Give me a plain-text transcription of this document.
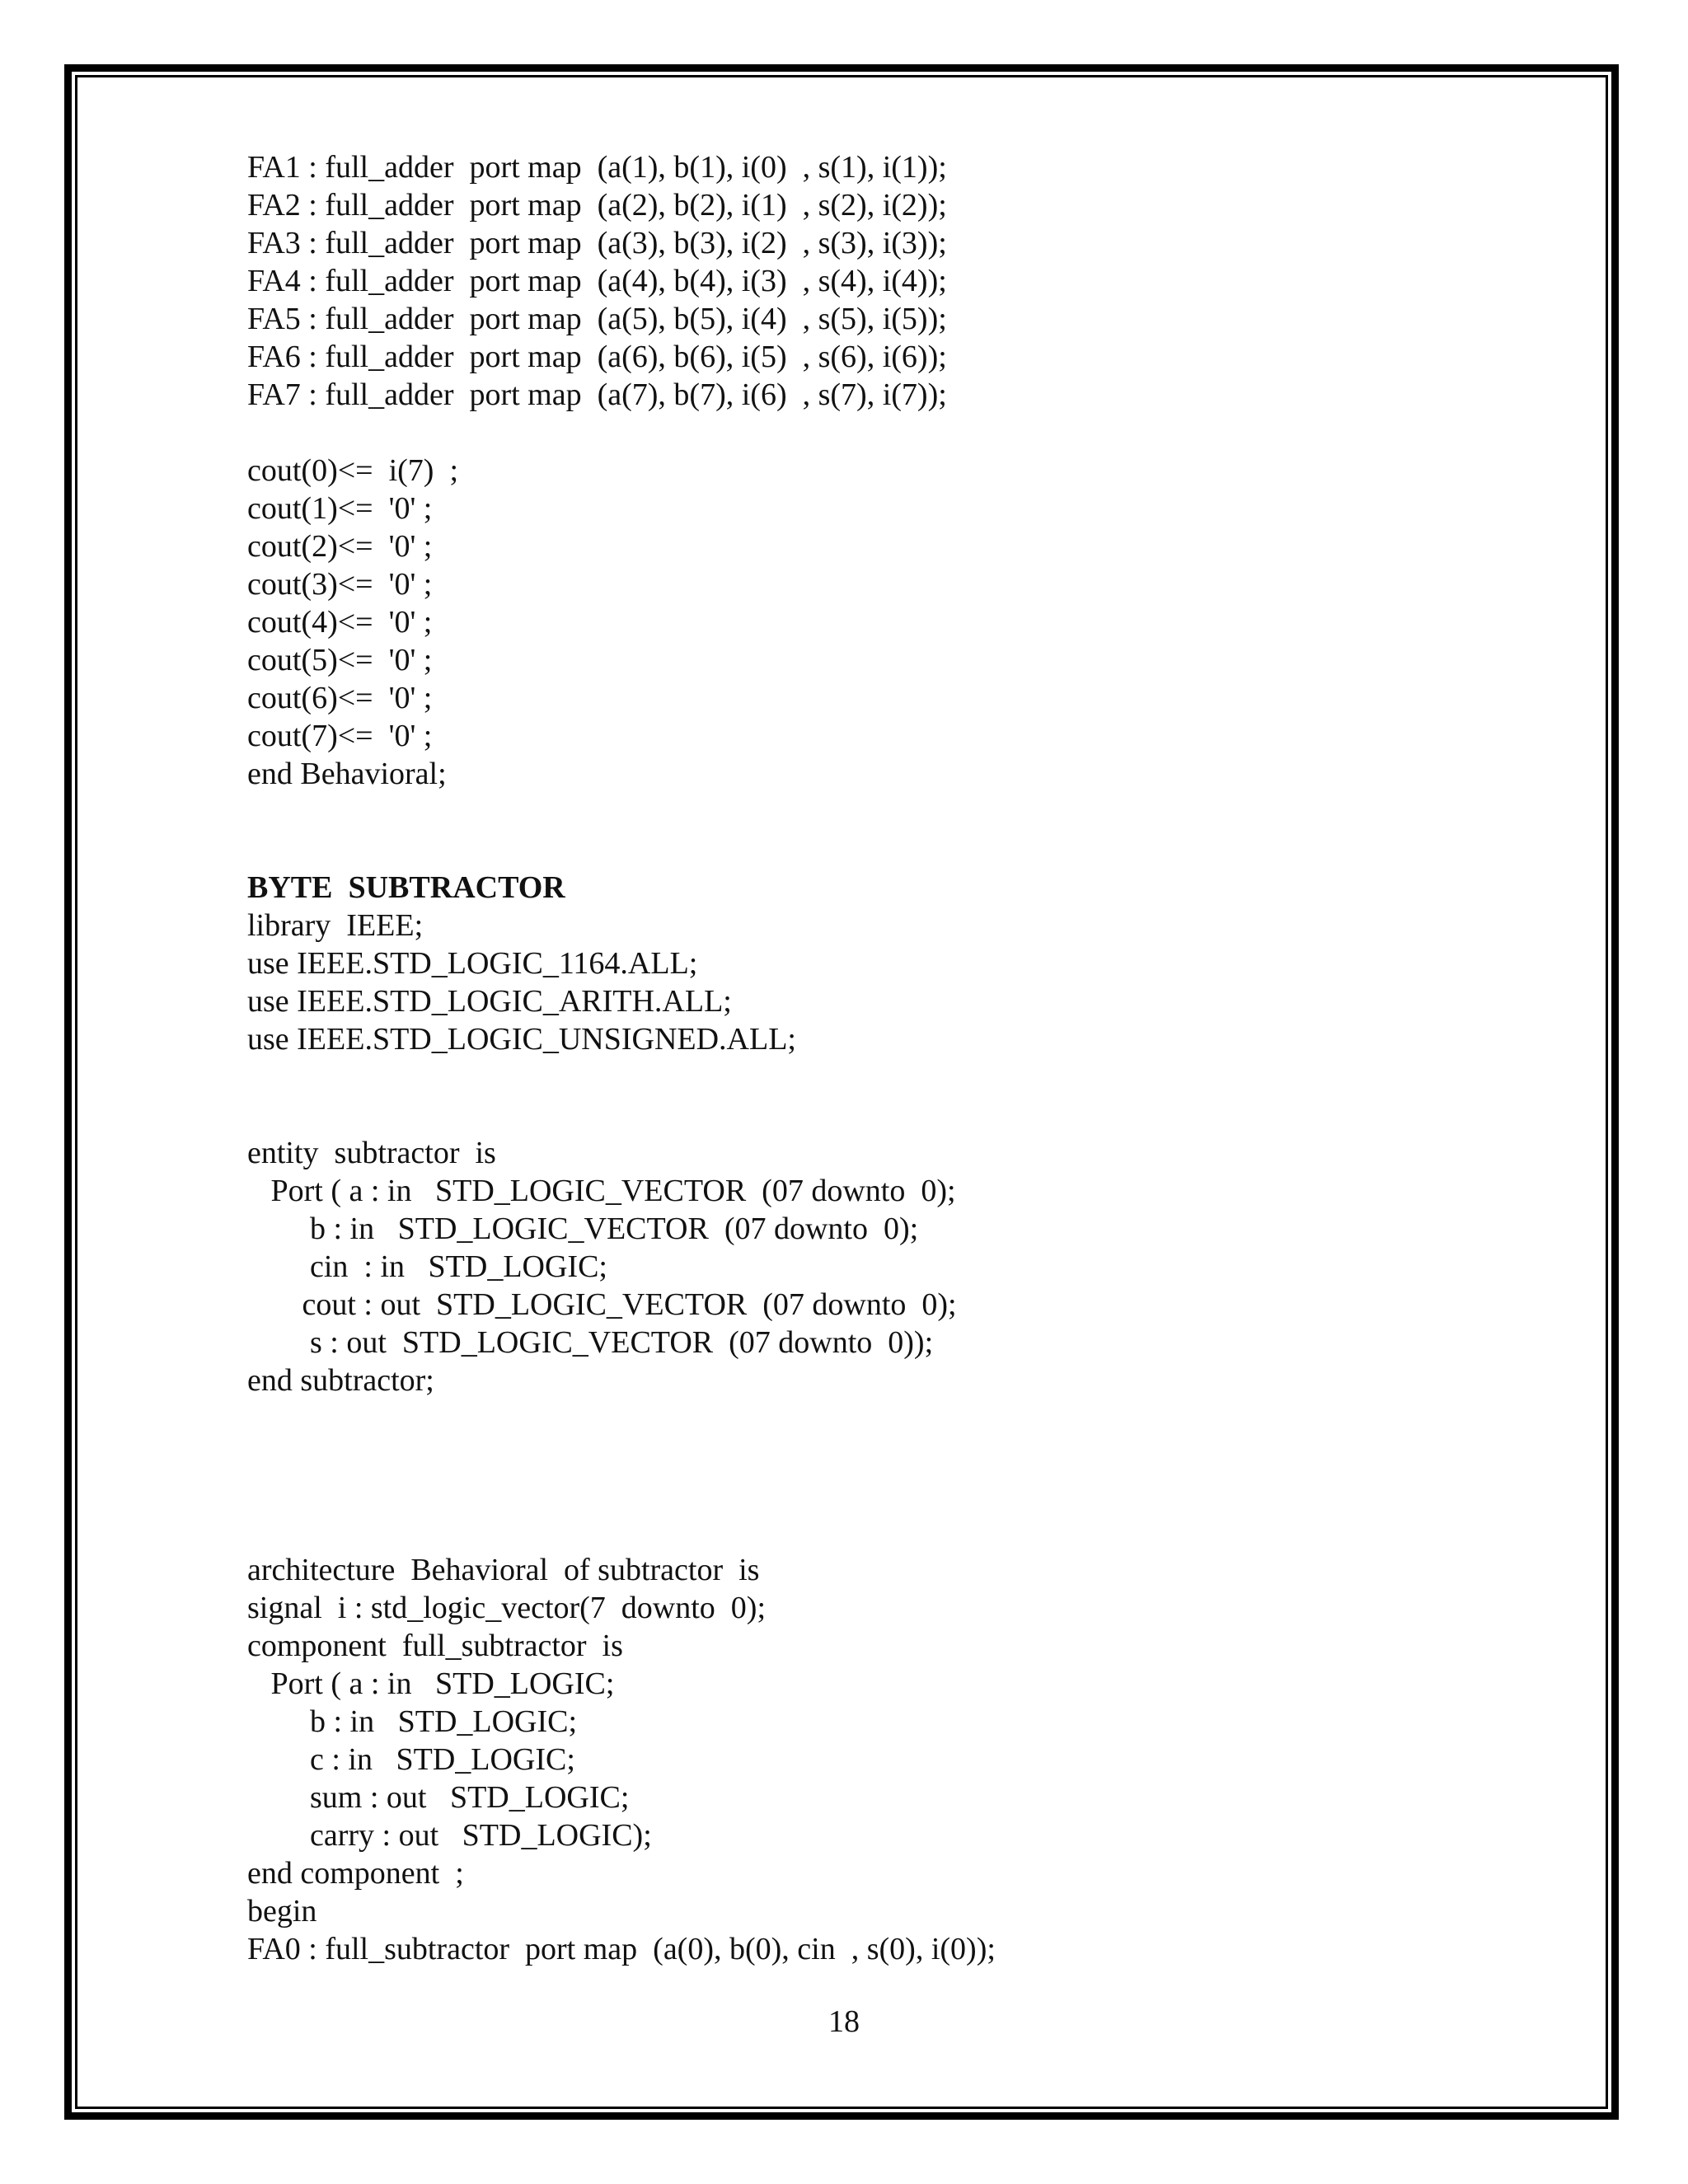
FA1 : full_adder  port map  (a(1), b(1), i(0)  , s(1), i(1));
FA2 : full_adder  port map  (a(2), b(2), i(1)  , s(2), i(2));
FA3 : full_adder  port map  (a(3), b(3), i(2)  , s(3), i(3));
FA4 : full_adder  port map  (a(4), b(4), i(3)  , s(4), i(4));
FA5 : full_adder  port map  (a(5), b(5), i(4)  , s(5), i(5));
FA6 : full_adder  port map  (a(6), b(6), i(5)  , s(6), i(6));
FA7 : full_adder  port map  (a(7), b(7), i(6)  , s(7), i(7));
cout(0)<=  i(7)  ;
cout(1)<=  '0' ;
cout(2)<=  '0' ;
cout(3)<=  '0' ;
cout(4)<=  '0' ;
cout(5)<=  '0' ;
cout(6)<=  '0' ;
cout(7)<=  '0' ;
end Behavioral;
BYTE  SUBTRACTOR
library  IEEE;
use IEEE.STD_LOGIC_1164.ALL;
use IEEE.STD_LOGIC_ARITH.ALL;
use IEEE.STD_LOGIC_UNSIGNED.ALL;
entity  subtractor  is
Port ( a : in   STD_LOGIC_VECTOR  (07 downto  0);
b : in   STD_LOGIC_VECTOR  (07 downto  0);
cin  : in   STD_LOGIC;
cout : out  STD_LOGIC_VECTOR  (07 downto  0);
s : out  STD_LOGIC_VECTOR  (07 downto  0));
end subtractor;
architecture  Behavioral  of subtractor  is
signal  i : std_logic_vector(7  downto  0);
component  full_subtractor  is
Port ( a : in   STD_LOGIC;
b : in   STD_LOGIC;
c : in   STD_LOGIC;
sum : out   STD_LOGIC;
carry : out   STD_LOGIC);
end component  ;
begin
FA0 : full_subtractor  port map  (a(0), b(0), cin  , s(0), i(0));
18
